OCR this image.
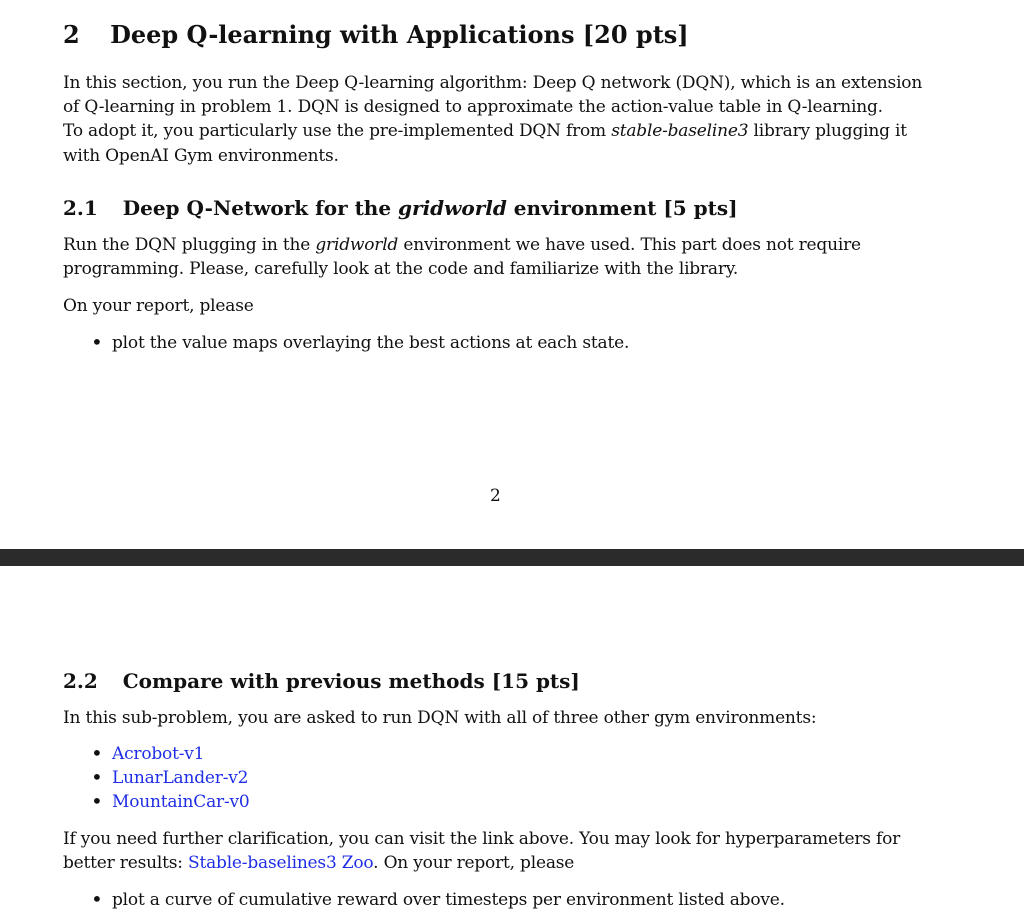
2 Deep Q-learning with Applications [20 pts]
In this section, you run the Deep Q-learning algorithm: Deep Q network (DQN), which is an extension
of Q-learning in problem 1. DQN is designed to approximate the action-value table in Q-learning.
To adopt it, you particularly use the pre-implemented DQN from stable-baseline3 library plugging it
with OpenAI Gym environments.
2.1 Deep Q-Network for the gridworld environment [5 pts]
Run the DQN plugging in the gridworld environment we have used. This part does not require
programming. Please, carefully look at the code and familiarize with the library.
On your report, please
• plot the value maps overlaying the best actions at each state.
2
2.2 Compare with previous methods [15 pts]
In this sub-problem, you are asked to run DQN with all of three other gym environments:
• Acrobot-v1
• LunarLander-v2
• MountainCar-v0
If you need further clarification, you can visit the link above. You may look for hyperparameters for
better results: Stable-baselines3 Zoo. On your report, please
• plot a curve of cumulative reward over timesteps per environment listed above.
